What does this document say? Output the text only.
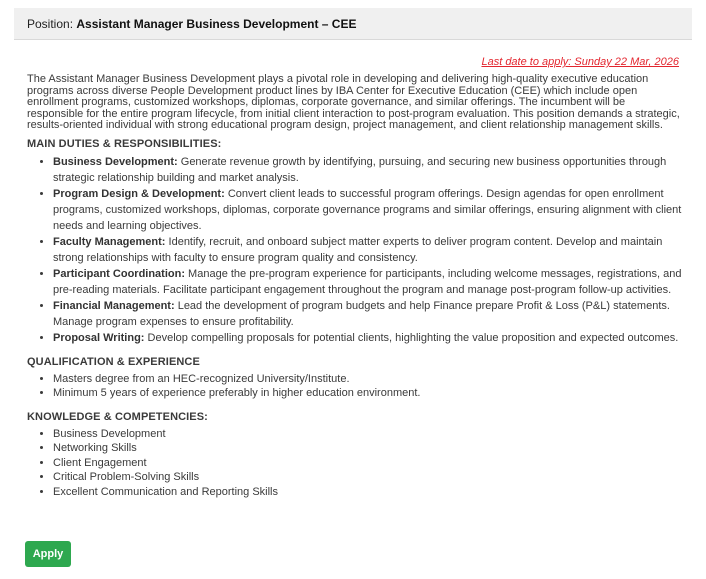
Position: Assistant Manager Business Development – CEE
Last date to apply: Sunday 22 Mar, 2026

The Assistant Manager Business Development plays a pivotal role in developing and delivering high-quality executive education programs across diverse People Development product lines by IBA Center for Executive Education (CEE) which include open enrollment programs, customized workshops, diplomas, corporate governance, and similar offerings. The incumbent will be responsible for the entire program lifecycle, from initial client interaction to post-program evaluation. This position demands a strategic, results-oriented individual with strong educational program design, project management, and client relationship management skills.

MAIN DUTIES & RESPONSIBILITIES:
• Business Development: Generate revenue growth by identifying, pursuing, and securing new business opportunities through strategic relationship building and market analysis.
• Program Design & Development: Convert client leads to successful program offerings. Design agendas for open enrollment programs, customized workshops, diplomas, corporate governance programs and similar offerings, ensuring alignment with client needs and learning objectives.
• Faculty Management: Identify, recruit, and onboard subject matter experts to deliver program content. Develop and maintain strong relationships with faculty to ensure program quality and consistency.
• Participant Coordination: Manage the pre-program experience for participants, including welcome messages, registrations, and pre-reading materials. Facilitate participant engagement throughout the program and manage post-program follow-up activities.
• Financial Management: Lead the development of program budgets and help Finance prepare Profit & Loss (P&L) statements. Manage program expenses to ensure profitability.
• Proposal Writing: Develop compelling proposals for potential clients, highlighting the value proposition and expected outcomes.
QUALIFICATION & EXPERIENCE
• Masters degree from an HEC-recognized University/Institute.
• Minimum 5 years of experience preferably in higher education environment.
KNOWLEDGE & COMPETENCIES:
• Business Development
• Networking Skills
• Client Engagement
• Critical Problem-Solving Skills
• Excellent Communication and Reporting Skills
Apply
